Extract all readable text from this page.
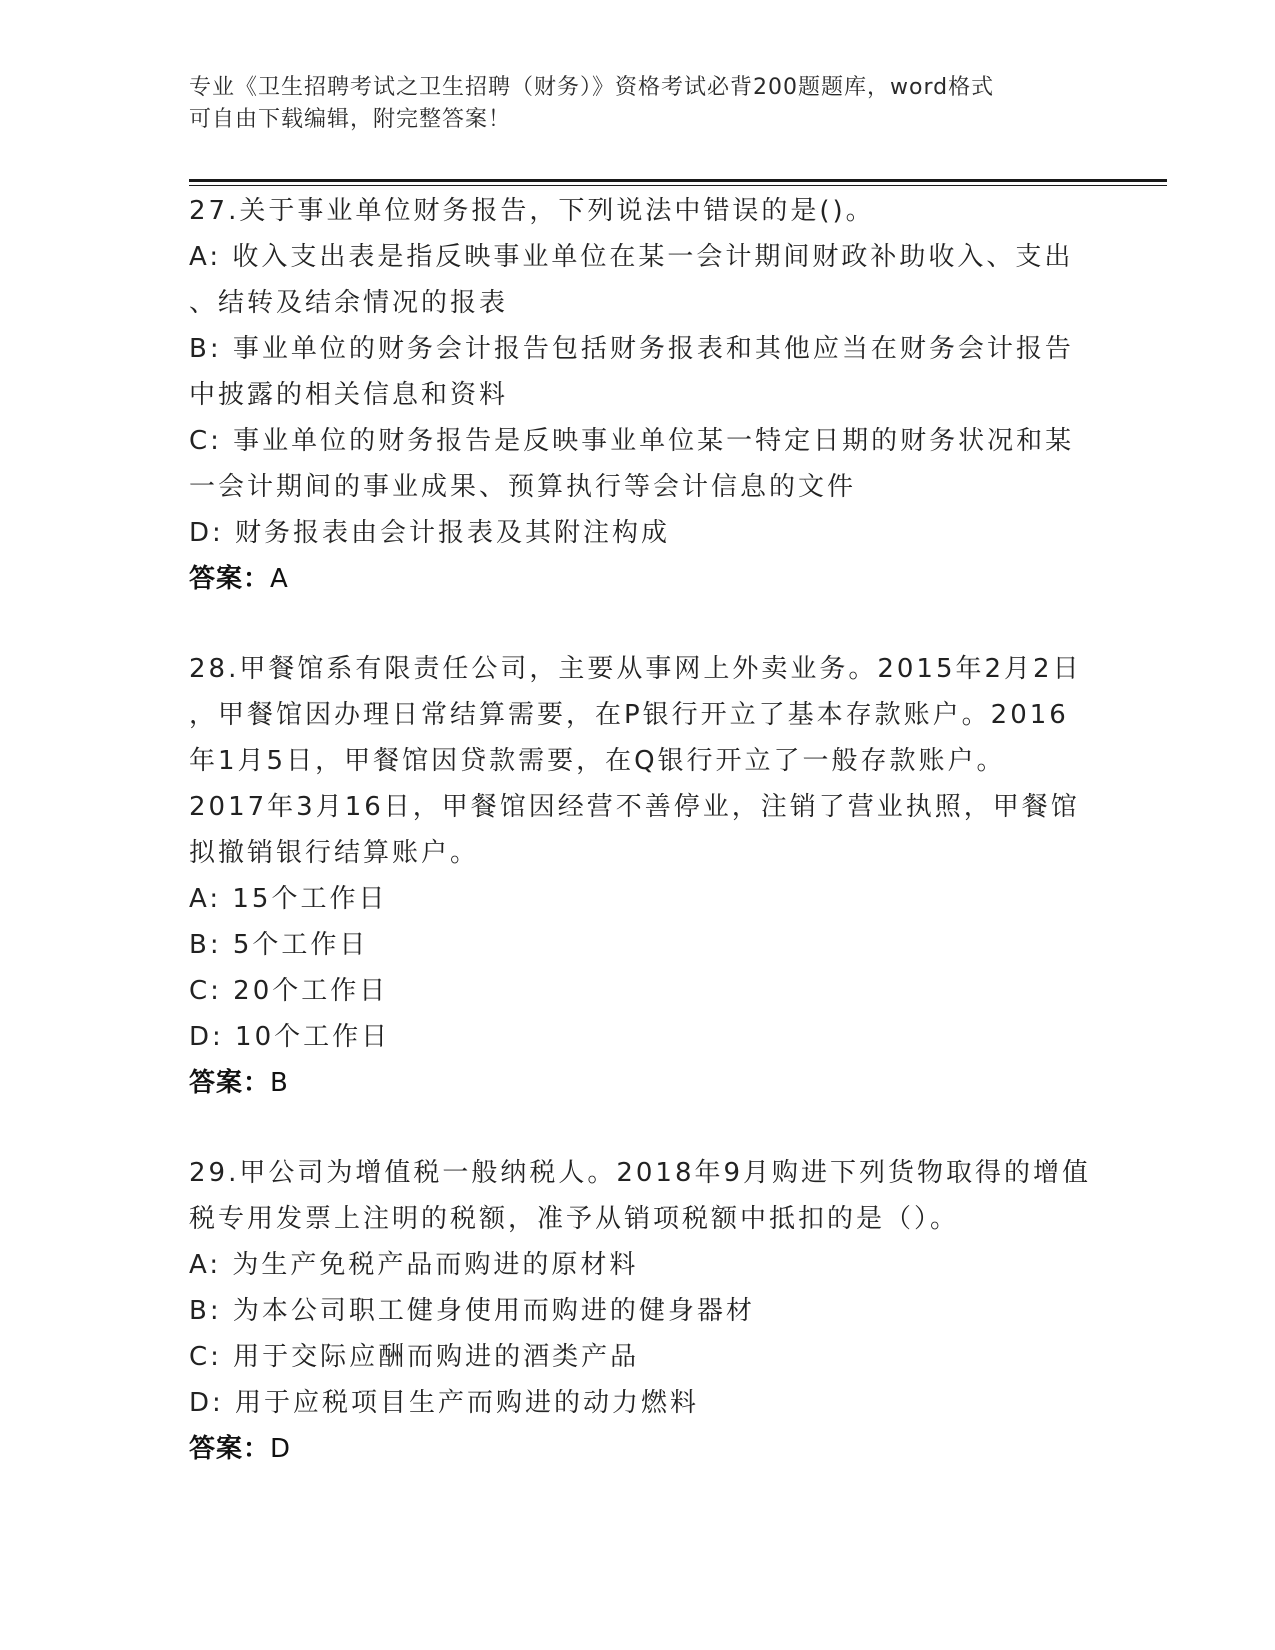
专业《卫生招聘考试之卫生招聘（财务）》资格考试必背200题题库，word格式
可自由下载编辑，附完整答案！
27.关于事业单位财务报告，下列说法中错误的是()。
A: 收入支出表是指反映事业单位在某一会计期间财政补助收入、支出
、结转及结余情况的报表
B: 事业单位的财务会计报告包括财务报表和其他应当在财务会计报告
中披露的相关信息和资料
C: 事业单位的财务报告是反映事业单位某一特定日期的财务状况和某
一会计期间的事业成果、预算执行等会计信息的文件
D: 财务报表由会计报表及其附注构成
答案：A
28.甲餐馆系有限责任公司，主要从事网上外卖业务。2015年2月2日
，甲餐馆因办理日常结算需要，在P银行开立了基本存款账户。2016
年1月5日，甲餐馆因贷款需要，在Q银行开立了一般存款账户。
2017年3月16日，甲餐馆因经营不善停业，注销了营业执照，甲餐馆
拟撤销银行结算账户。
A: 15个工作日
B: 5个工作日
C: 20个工作日
D: 10个工作日
答案：B
29.甲公司为增值税一般纳税人。2018年9月购进下列货物取得的增值
税专用发票上注明的税额，准予从销项税额中抵扣的是（）。
A: 为生产免税产品而购进的原材料
B: 为本公司职工健身使用而购进的健身器材
C: 用于交际应酬而购进的酒类产品
D: 用于应税项目生产而购进的动力燃料
答案：D
